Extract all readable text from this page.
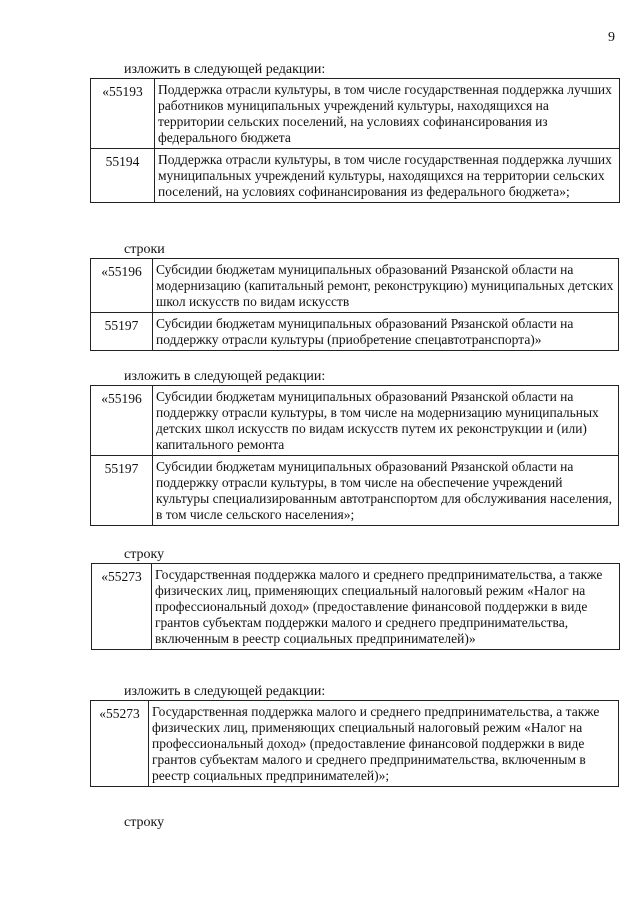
9
изложить в следующей редакции:
«55193	Поддержка отрасли культуры, в том числе государственная поддержка лучших работников муниципальных учреждений культуры, находящихся на территории сельских поселений, на условиях софинансирования из федерального бюджета
55194	Поддержка отрасли культуры, в том числе государственная поддержка лучших муниципальных учреждений культуры, находящихся на территории сельских поселений, на условиях софинансирования из федерального бюджета»;
строки
«55196	Субсидии бюджетам муниципальных образований Рязанской области на модернизацию (капитальный ремонт, реконструкцию) муниципальных детских школ искусств по видам искусств
55197	Субсидии бюджетам муниципальных образований Рязанской области на поддержку отрасли культуры (приобретение спецавтотранспорта)»
изложить в следующей редакции:
«55196	Субсидии бюджетам муниципальных образований Рязанской области на поддержку отрасли культуры, в том числе на модернизацию муниципальных детских школ искусств по видам искусств путем их реконструкции и (или) капитального ремонта
55197	Субсидии бюджетам муниципальных образований Рязанской области на поддержку отрасли культуры, в том числе на обеспечение учреждений культуры специализированным автотранспортом для обслуживания населения, в том числе сельского населения»;
строку
«55273	Государственная поддержка малого и среднего предпринимательства, а также физических лиц, применяющих специальный налоговый режим «Налог на профессиональный доход» (предоставление финансовой поддержки в виде грантов субъектам поддержки малого и среднего предпринимательства, включенным в реестр социальных предпринимателей)»
изложить в следующей редакции:
«55273	Государственная поддержка малого и среднего предпринимательства, а также физических лиц, применяющих специальный налоговый режим «Налог на профессиональный доход» (предоставление финансовой поддержки в виде грантов субъектам малого и среднего предпринимательства, включенным в реестр социальных предпринимателей)»;
строку
